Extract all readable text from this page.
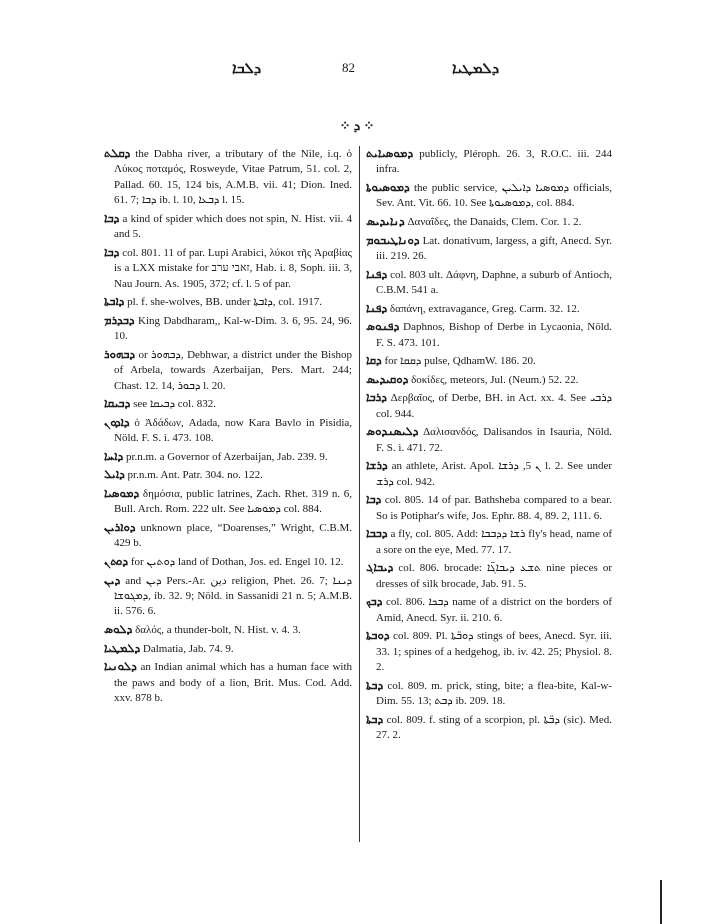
ܕܠܒܐ	82	ܕܠܡܛܝܐ
⁘ ܕ ⁘

ܕܩܠܬ the Dabha river, a tributary of the Nile, i.q. ὁ Λύκος ποταμός, Rosweyde, Vitae Patrum, 51. col. 2, Pallad. 60. 15, 124 bis, A.M.B. vii. 41; Dion. Ined. 61. 7; ܕܒܐ ib. l. 10, ܕܒܥܐ l. 15.

ܕܒܐ a kind of spider which does not spin, N. Hist. vii. 4 and 5.

ܕܒܐ col. 801. 11 of par. Lupi Arabici, λύκοι τῆς Ἀραβίας is a LXX mistake for זאבי ערב, Hab. i. 8, Soph. iii. 3, Nau Journ. As. 1905, 372; cf. l. 5 of par.

ܕܐܒܬܐ pl. f. she-wolves, BB. under ܕܐܒܬܐ, col. 1917.

ܕܒܕܪܡ King Dabdharam,, Kal-w-Dim. 3. 6, 95. 24, 96. 10.

ܕܒܗܘܪ or ܕܒܗܘܪ, Debhwar, a district under the Bishop of Arbela, towards Azerbaijan, Pers. Mart. 244; Chast. 12. 14, ܕܒܘܪ l. 20.

ܕܒܝܩܐ see ܕܒܝܩܐ col. 832.

ܕܐܕܘܢ ὁ Ἀδάδων, Adada, now Kara Bavlo in Pisidia, Nöld. F. S. i. 473. 108.

ܕܐܚܐ pr.n.m. a Governor of Azerbaijan, Jab. 239. 9.

ܕܐܝܠ pr.n.m. Ant. Patr. 304. no. 122.

ܕܡܘܣܝܐ δημόσια, public latrines, Zach. Rhet. 319 n. 6, Bull. Arch. Rom. 222 ult. See ܕܡܘܣܝܐ col. 884.

ܕܘܐܪܝܢ unknown place, “Doarenses,” Wright, C.B.M. 429 b.

ܕܘܬܢ for ܕܘܬܝܢ land of Dothan, Jos. ed. Engel 10. 12.

ܕܝܢ and ܕܝܢ Pers.-Ar. دين religion, Phet. 26. 7; ܕܝܢܐ ܕܡܓܘܫܐ, ib. 32. 9; Nöld. in Sassanidi 21 n. 5; A.M.B. ii. 576. 6.

ܕܠܘܣ δαλός, a thunder-bolt, N. Hist. v. 4. 3.

ܕܠܡܛܝܐ Dalmatia, Jab. 74. 9.

ܕܠܘܢܝܐ an Indian animal which has a human face with the paws and body of a lion, Brit. Mus. Cod. Add. xxv. 878 b.

ܕܡܘܣܝܐܝܬ publicly, Pléroph. 26. 3, R.O.C. iii. 244 infra.

ܕܡܘܣܝܘܬܐ the public service, ܕܡܘܣܝܐ ܕܐܝܠܝܢ officials, Sev. Ant. Vit. 66. 10. See ܕܡܘܣܝܘܬܐ, col. 884.

ܕܢܐܝܕܝܣ Δαναΐδες, the Danaids, Clem. Cor. 1. 2.

ܕܘܢܐܛܝܒܘܡ Lat. donativum, largess, a gift, Anecd. Syr. iii. 219. 26.

ܕܦܢܐ col. 803 ult. Δάφνη, Daphne, a suburb of Antioch, C.B.M. 541 a.

ܕܦܢܐ δαπάνη, extravagance, Greg. Carm. 32. 12.

ܕܦܢܘܣ Daphnos, Bishop of Derbe in Lycaonia, Nöld. F. S. 473. 101.

ܕܩܐ for ܕܩܩܐ pulse, QdhamW. 186. 20.

ܕܘܩܝܕܝܣ δοκίδες, meteors, Jul. (Neum.) 52. 22.

ܕܪܒܐ Δερβαῖος, of Derbe, BH. in Act. xx. 4. See ܕܪܒܝ col. 944.

ܕܠܝܣܢܕܘܣ Δαλισανδός, Dalisandos in Isauria, Nöld. F. S. i. 471. 72.

ܕܪܫܐ an athlete, Arist. Apol. ܢ 5, ܕܪܫܐ l. 2. See under ܕܪܫ col. 942.

ܕܒܐ col. 805. 14 of par. Bathsheba compared to a bear. So is Potiphar's wife, Jos. Ephr. 88. 4, 89. 2, 111. 6.

ܕܒܒܐ a fly, col. 805. Add: ܪܫܐ ܕܕܒܒܐ fly's head, name of a sore on the eye, Med. 77. 17.

ܕܝܒܐܓ col. 806. brocade: ܬܫܥ ܕܝܒܐܓ̈ܐ nine pieces or dresses of silk brocade, Jab. 91. 5.

ܕܒܟ col. 806. ܕܒܟܐ name of a district on the borders of Amid, Anecd. Syr. ii. 210. 6.

ܕܘܒܬܐ col. 809. Pl. ܕܘܒ̈ܬܐ stings of bees, Anecd. Syr. iii. 33. 1; spines of a hedgehog, ib. iv. 42. 25; Physiol. 8. 2.

ܕܒܬܐ col. 809. m. prick, sting, bite; a flea-bite, Kal-w-Dim. 55. 13; ܕܒܬ ib. 209. 18.

ܕܒܬܐ col. 809. f. sting of a scorpion, pl. ܕܒ̈ܬܐ (sic). Med. 27. 2.
